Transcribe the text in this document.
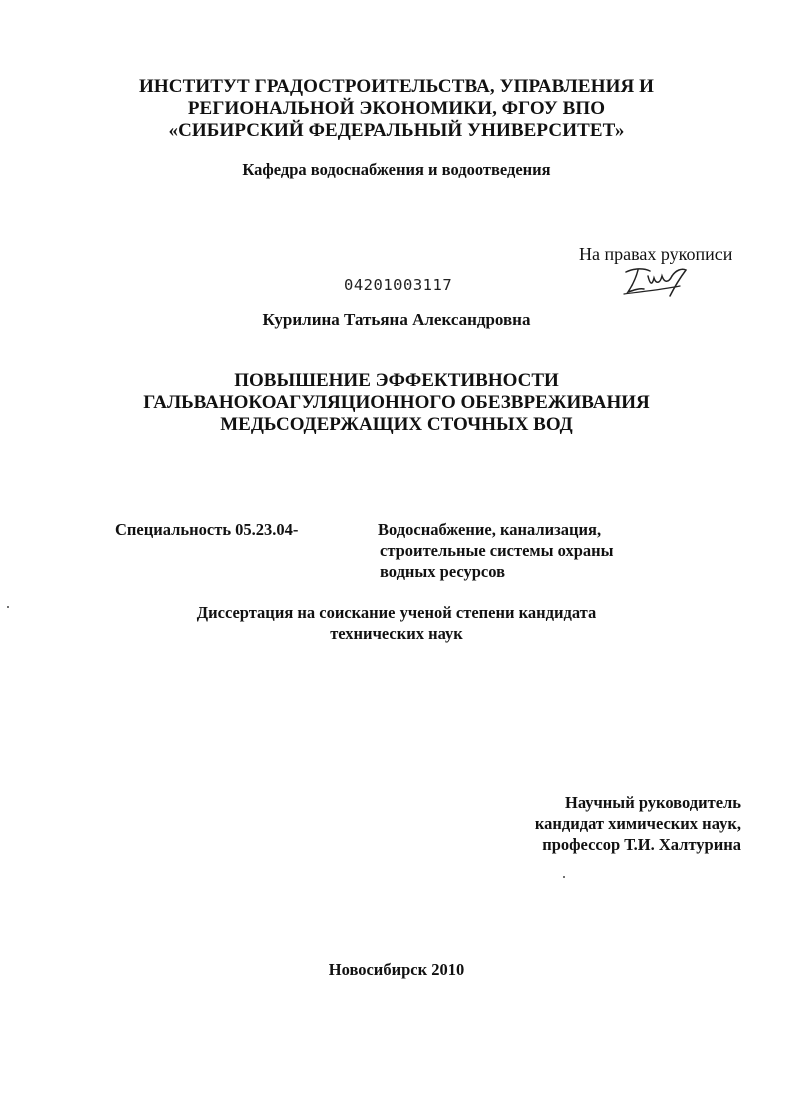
ИНСТИТУТ ГРАДОСТРОИТЕЛЬСТВА, УПРАВЛЕНИЯ И
РЕГИОНАЛЬНОЙ ЭКОНОМИКИ, ФГОУ ВПО
«СИБИРСКИЙ ФЕДЕРАЛЬНЫЙ УНИВЕРСИТЕТ»
Кафедра водоснабжения и водоотведения
На правах рукописи
04201003117
Курилина Татьяна Александровна
ПОВЫШЕНИЕ ЭФФЕКТИВНОСТИ
ГАЛЬВАНОКОАГУЛЯЦИОННОГО ОБЕЗВРЕЖИВАНИЯ
МЕДЬСОДЕРЖАЩИХ СТОЧНЫХ ВОД
Специальность 05.23.04-	Водоснабжение, канализация,
строительные системы охраны
водных ресурсов
Диссертация на соискание ученой степени кандидата
технических наук
Научный руководитель
кандидат химических наук,
профессор Т.И. Халтурина
Новосибирск 2010
